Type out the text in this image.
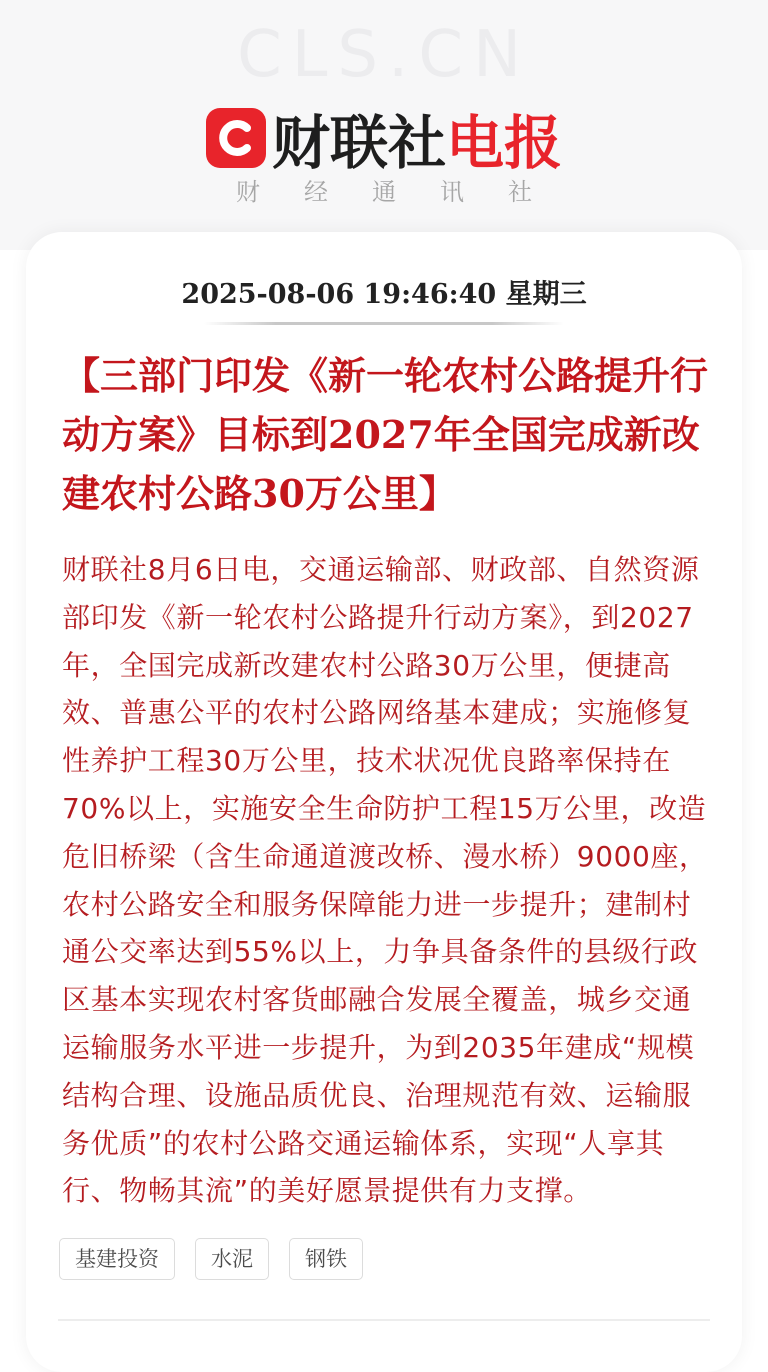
CLS.CN
财联社电报
财经通讯社
2025-08-06 19:46:40 星期三
【三部门印发《新一轮农村公路提升行动方案》目标到2027年全国完成新改建农村公路30万公里】

财联社8月6日电，交通运输部、财政部、自然资源部印发《新一轮农村公路提升行动方案》，到2027年，全国完成新改建农村公路30万公里，便捷高效、普惠公平的农村公路网络基本建成；实施修复性养护工程30万公里，技术状况优良路率保持在70%以上，实施安全生命防护工程15万公里，改造危旧桥梁（含生命通道渡改桥、漫水桥）9000座，农村公路安全和服务保障能力进一步提升；建制村通公交率达到55%以上，力争具备条件的县级行政区基本实现农村客货邮融合发展全覆盖，城乡交通运输服务水平进一步提升，为到2035年建成“规模结构合理、设施品质优良、治理规范有效、运输服务优质”的农村公路交通运输体系，实现“人享其行、物畅其流”的美好愿景提供有力支撑。

基建投资	水泥	钢铁
